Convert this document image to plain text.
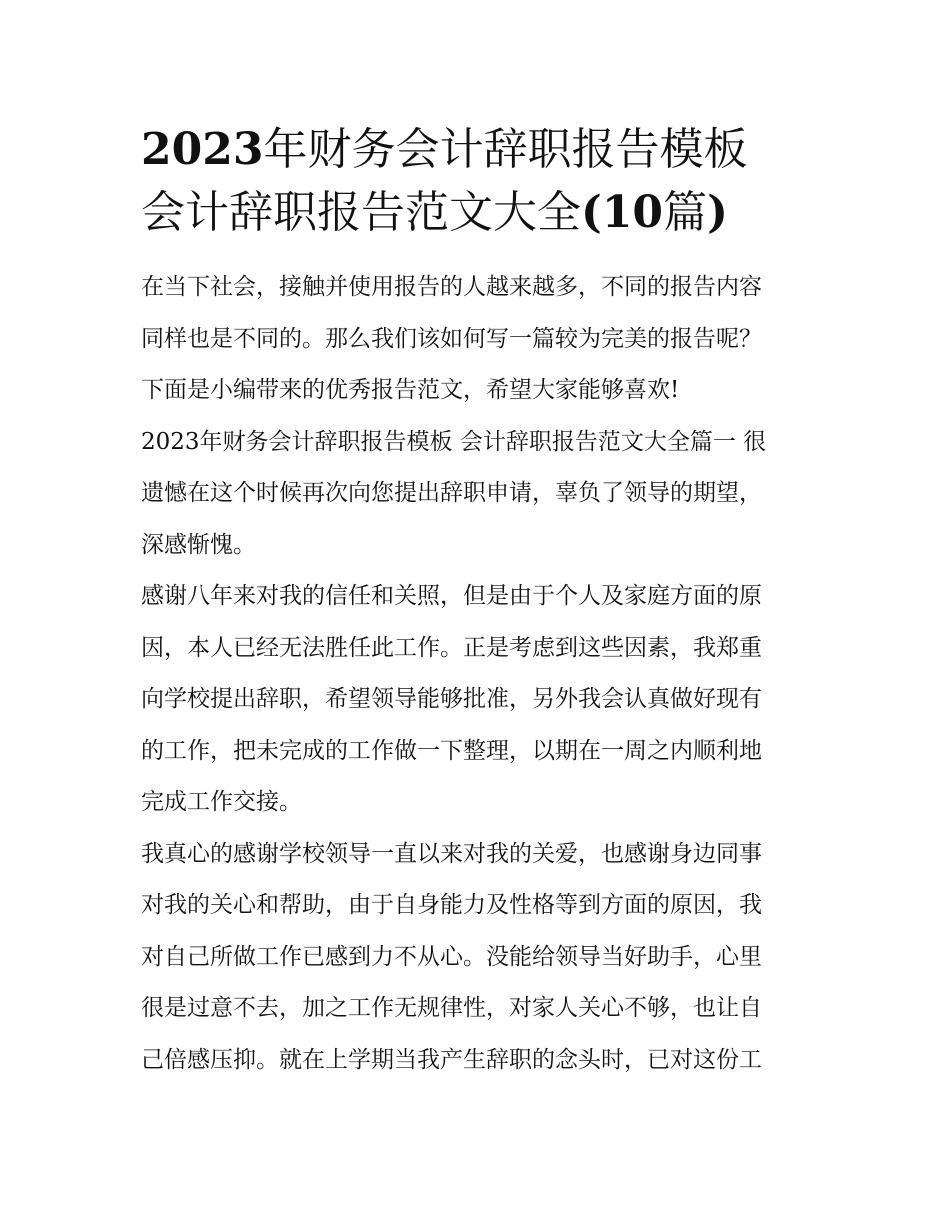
2023年财务会计辞职报告模板
会计辞职报告范文大全(10篇)

在当下社会，接触并使用报告的人越来越多，不同的报告内容
同样也是不同的。那么我们该如何写一篇较为完美的报告呢？
下面是小编带来的优秀报告范文，希望大家能够喜欢!

2023年财务会计辞职报告模板 会计辞职报告范文大全篇一 很
遗憾在这个时候再次向您提出辞职申请，辜负了领导的期望，
深感惭愧。

感谢八年来对我的信任和关照，但是由于个人及家庭方面的原
因，本人已经无法胜任此工作。正是考虑到这些因素，我郑重
向学校提出辞职，希望领导能够批准，另外我会认真做好现有
的工作，把未完成的工作做一下整理，以期在一周之内顺利地
完成工作交接。

我真心的感谢学校领导一直以来对我的关爱，也感谢身边同事
对我的关心和帮助，由于自身能力及性格等到方面的原因，我
对自己所做工作已感到力不从心。没能给领导当好助手，心里
很是过意不去，加之工作无规律性，对家人关心不够，也让自
己倍感压抑。就在上学期当我产生辞职的念头时，已对这份工
